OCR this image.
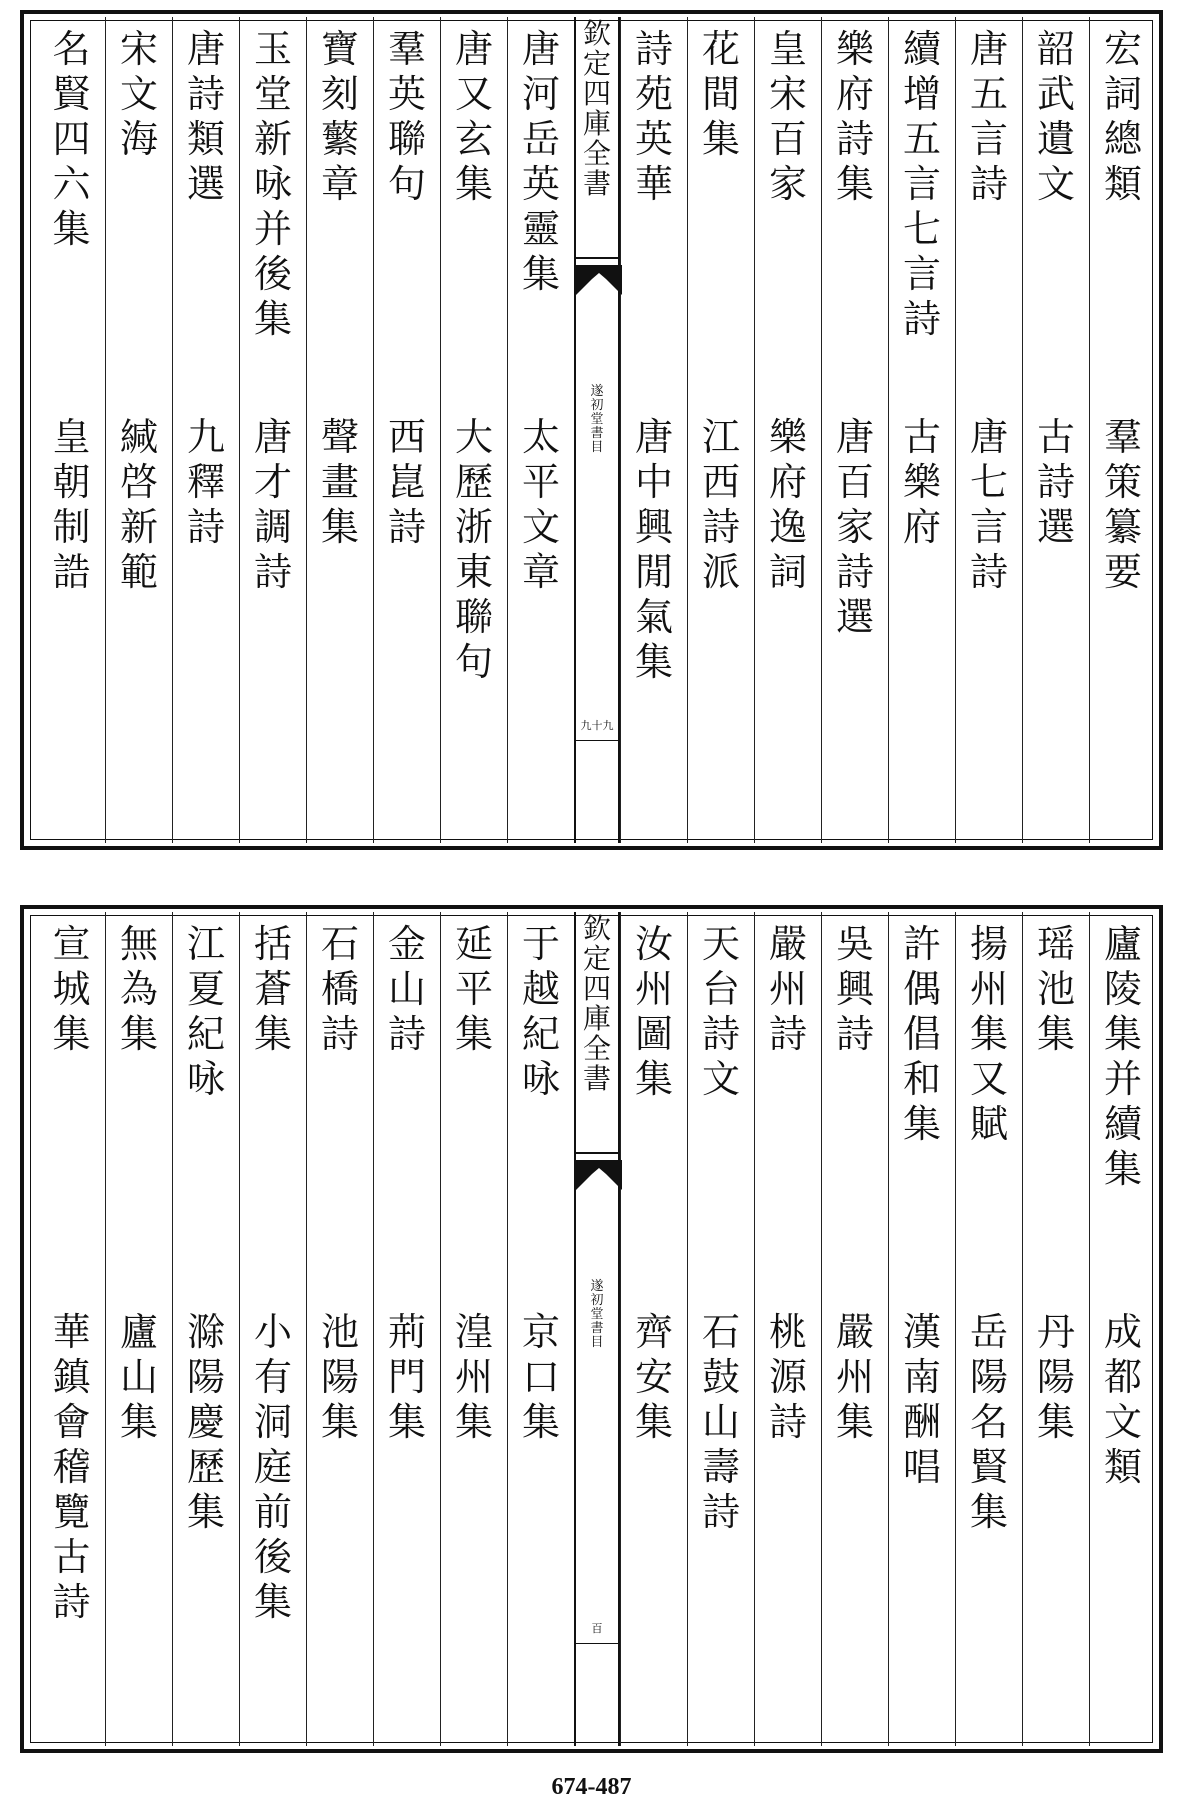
宏
詞
總
類
羣
策
纂
要
韶
武
遺
文
古
詩
選
唐
五
言
詩
唐
七
言
詩
續
增
五
言
七
言
詩
古
樂
府
樂
府
詩
集
唐
百
家
詩
選
皇
宋
百
家
樂
府
逸
詞
花
間
集
江
西
詩
派
詩
苑
英
華
唐
中
興
閒
氣
集
欽
定
四
庫
全
書
遂
初
堂
書
目
九十九
唐
河
岳
英
靈
集
太
平
文
章
唐
又
玄
集
大
歷
浙
東
聯
句
羣
英
聯
句
西
崑
詩
寶
刻
蘩
章
聲
畫
集
玉
堂
新
咏
并
後
集
唐
才
調
詩
唐
詩
類
選
九
釋
詩
宋
文
海
緘
啓
新
範
名
賢
四
六
集
皇
朝
制
誥
廬
陵
集
并
續
集
成
都
文
類
瑶
池
集
丹
陽
集
揚
州
集
又
賦
岳
陽
名
賢
集
許
偶
倡
和
集
漢
南
酬
唱
吳
興
詩
嚴
州
集
嚴
州
詩
桃
源
詩
天
台
詩
文
石
鼓
山
壽
詩
汝
州
圖
集
齊
安
集
欽
定
四
庫
全
書
遂
初
堂
書
目
百
于
越
紀
咏
京
口
集
延
平
集
湟
州
集
金
山
詩
荊
門
集
石
橋
詩
池
陽
集
括
蒼
集
小
有
洞
庭
前
後
集
江
夏
紀
咏
滁
陽
慶
歷
集
無
為
集
廬
山
集
宣
城
集
華
鎮
會
稽
覽
古
詩
674-487
